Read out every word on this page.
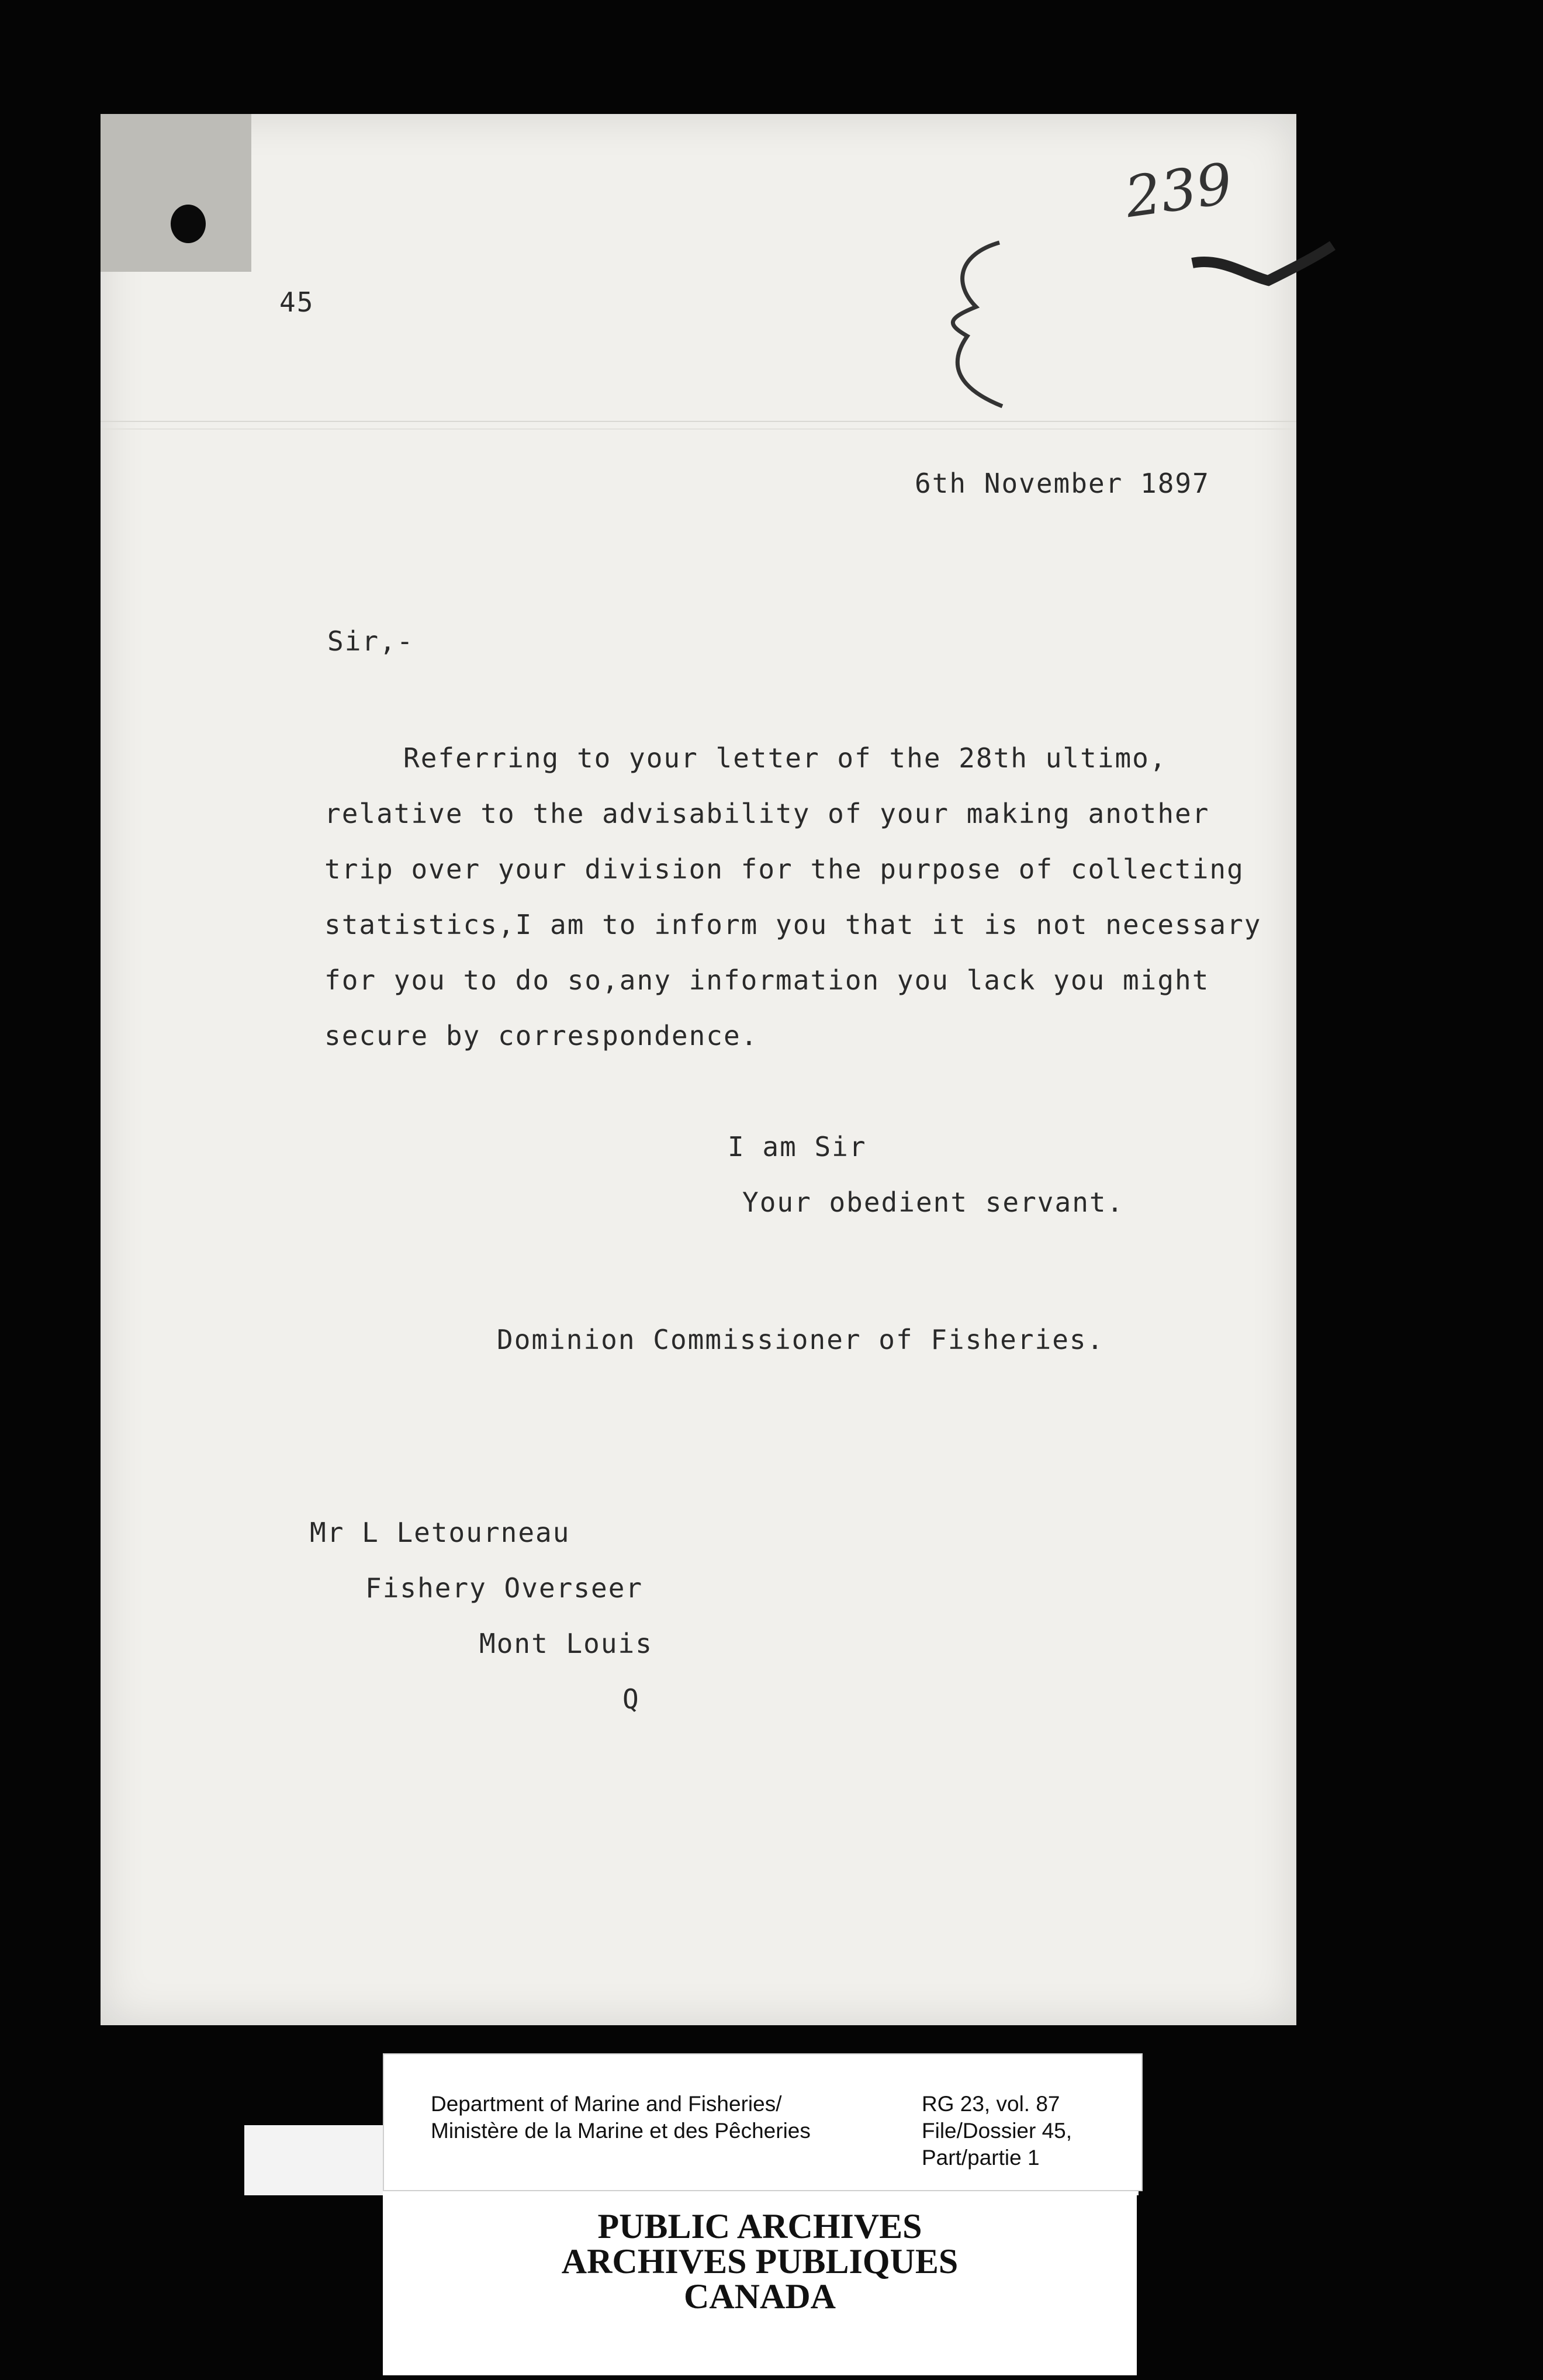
239
45
6th November 1897
Sir,-
Referring to your letter of the 28th ultimo,
relative to the advisability of your making another
trip over your division for the purpose of collecting
statistics,I am to inform you that it is not necessary
for you to do so,any information you lack you might
secure by correspondence.
I am Sir
Your obedient servant.
Dominion Commissioner of Fisheries.
Mr L Letourneau
Fishery Overseer
Mont Louis
Q
Department of Marine and Fisheries/
Ministère de la Marine et des Pêcheries
RG 23, vol. 87
File/Dossier 45,
Part/partie 1
PUBLIC ARCHIVES
ARCHIVES PUBLIQUES
CANADA
